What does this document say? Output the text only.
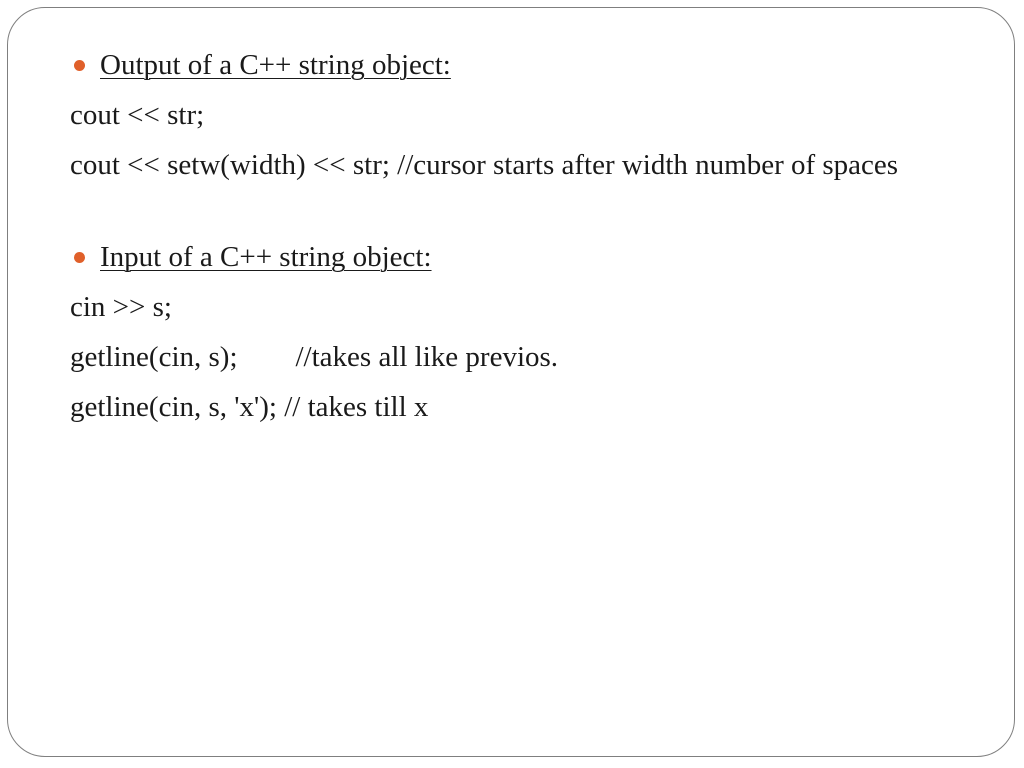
Output of a C++ string object:

cout << str;

cout << setw(width) << str; //cursor starts after width number of spaces

Input of a C++ string object:

cin >> s;

getline(cin, s);        //takes all like previos.

getline(cin, s, 'x'); // takes till x
